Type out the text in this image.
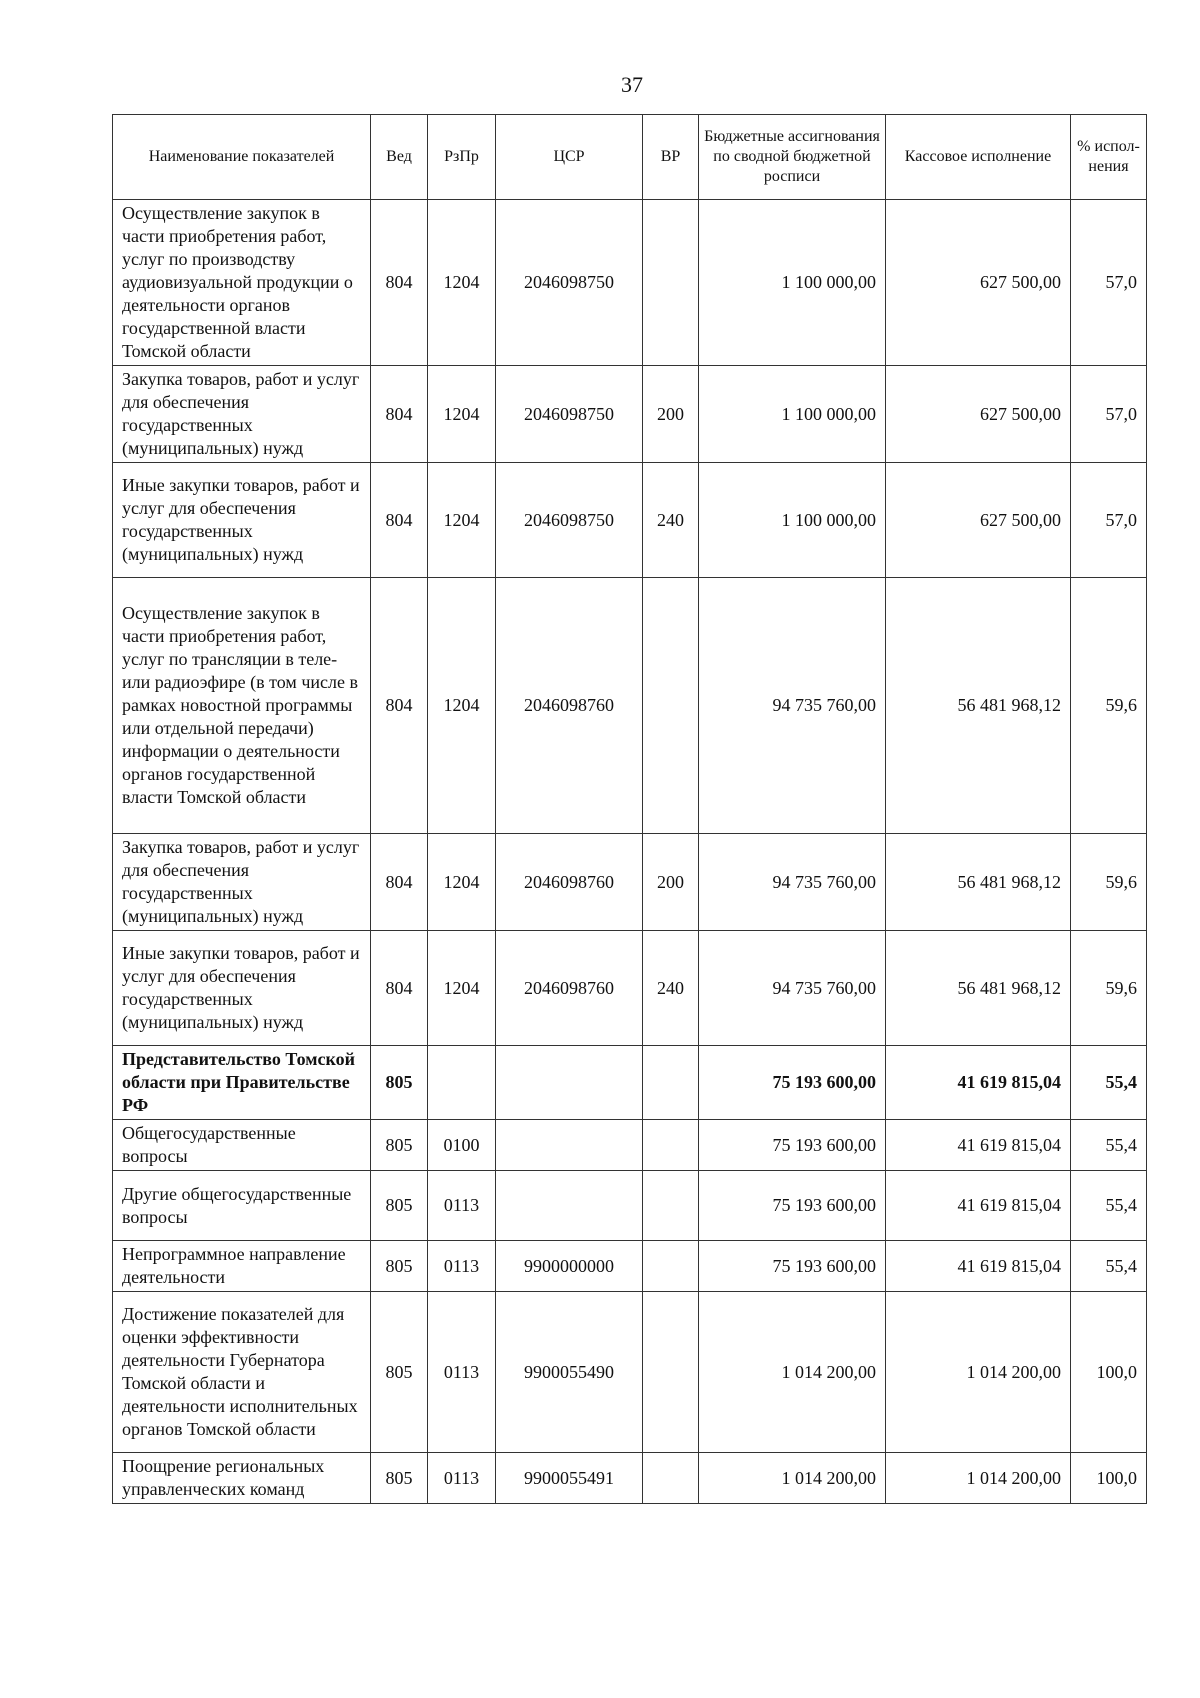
37
Наименование показателей	Вед	РзПр	ЦСР	ВР	Бюджетные ассигнования по сводной бюджетной росписи	Кассовое исполнение	% испол-нения
Осуществление закупок в части приобретения работ, услуг по производству аудиовизуальной продукции о деятельности органов государственной власти Томской области	804	1204	2046098750		1 100 000,00	627 500,00	57,0
Закупка товаров, работ и услуг для обеспечения государственных (муниципальных) нужд	804	1204	2046098750	200	1 100 000,00	627 500,00	57,0
Иные закупки товаров, работ и услуг для обеспечения государственных (муниципальных) нужд	804	1204	2046098750	240	1 100 000,00	627 500,00	57,0
Осуществление закупок в части приобретения работ, услуг по трансляции в теле- или радиоэфире (в том числе в рамках новостной программы или отдельной передачи) информации о деятельности органов государственной власти Томской области	804	1204	2046098760		94 735 760,00	56 481 968,12	59,6
Закупка товаров, работ и услуг для обеспечения государственных (муниципальных) нужд	804	1204	2046098760	200	94 735 760,00	56 481 968,12	59,6
Иные закупки товаров, работ и услуг для обеспечения государственных (муниципальных) нужд	804	1204	2046098760	240	94 735 760,00	56 481 968,12	59,6
Представительство Томской области при Правительстве РФ	805				75 193 600,00	41 619 815,04	55,4
Общегосударственные вопросы	805	0100			75 193 600,00	41 619 815,04	55,4
Другие общегосударственные вопросы	805	0113			75 193 600,00	41 619 815,04	55,4
Непрограммное направление деятельности	805	0113	9900000000		75 193 600,00	41 619 815,04	55,4
Достижение показателей для оценки эффективности деятельности Губернатора Томской области и деятельности исполнительных органов Томской области	805	0113	9900055490		1 014 200,00	1 014 200,00	100,0
Поощрение региональных управленческих команд	805	0113	9900055491		1 014 200,00	1 014 200,00	100,0
